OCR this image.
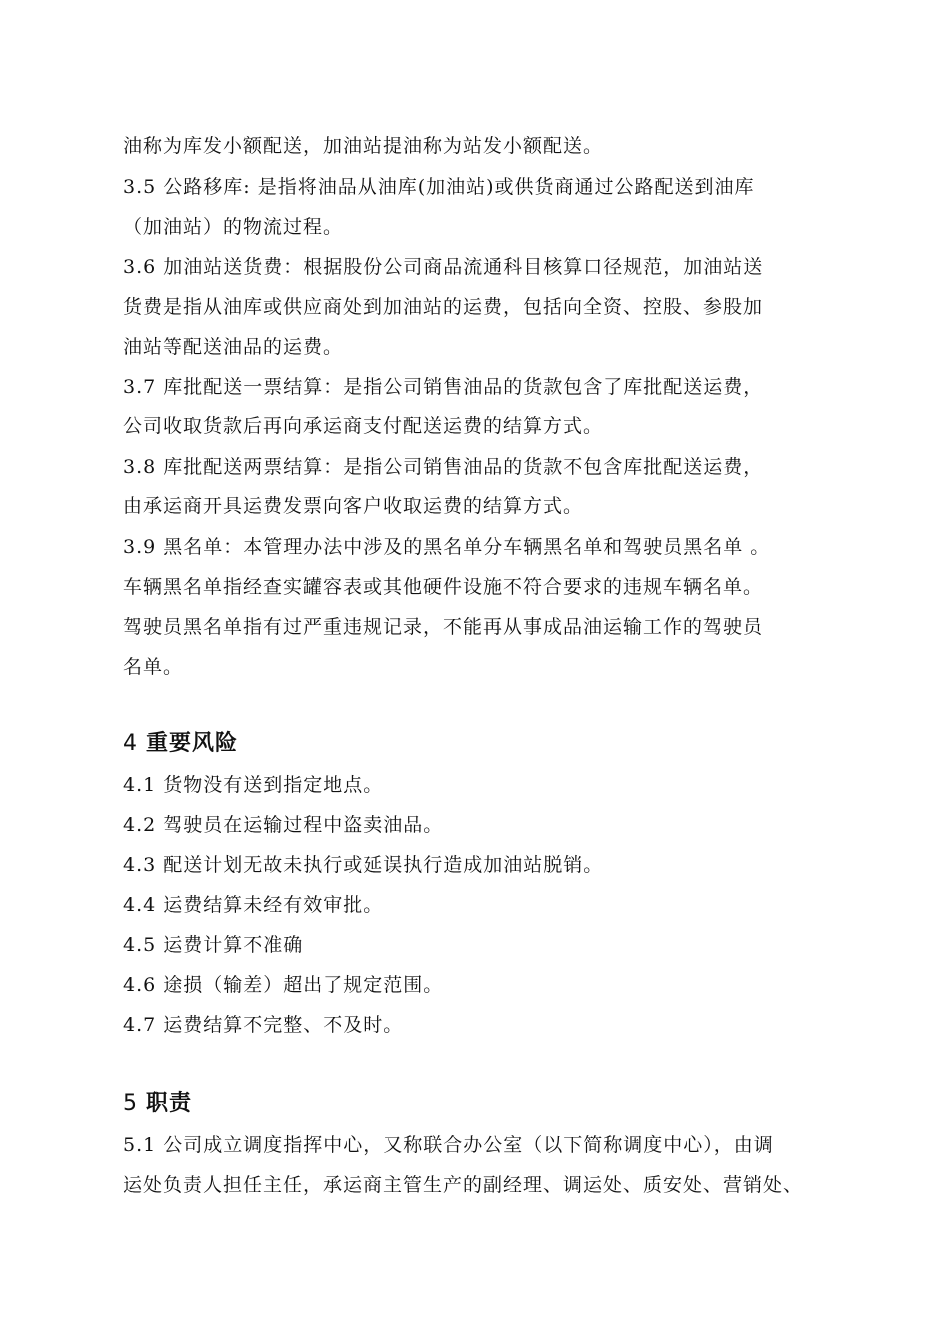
油称为库发小额配送，加油站提油称为站发小额配送。
3.5 公路移库: 是指将油品从油库(加油站)或供货商通过公路配送到油库
（加油站）的物流过程。
3.6 加油站送货费：根据股份公司商品流通科目核算口径规范，加油站送
货费是指从油库或供应商处到加油站的运费，包括向全资、控股、参股加
油站等配送油品的运费。
3.7 库批配送一票结算：是指公司销售油品的货款包含了库批配送运费，
公司收取货款后再向承运商支付配送运费的结算方式。
3.8 库批配送两票结算：是指公司销售油品的货款不包含库批配送运费，
由承运商开具运费发票向客户收取运费的结算方式。
3.9 黑名单：本管理办法中涉及的黑名单分车辆黑名单和驾驶员黑名单 。
车辆黑名单指经查实罐容表或其他硬件设施不符合要求的违规车辆名单。
驾驶员黑名单指有过严重违规记录，不能再从事成品油运输工作的驾驶员
名单。
4 重要风险
4.1 货物没有送到指定地点。
4.2 驾驶员在运输过程中盗卖油品。
4.3 配送计划无故未执行或延误执行造成加油站脱销。
4.4 运费结算未经有效审批。
4.5 运费计算不准确
4.6 途损（输差）超出了规定范围。
4.7 运费结算不完整、不及时。
5 职责
5.1 公司成立调度指挥中心，又称联合办公室（以下简称调度中心），由调
运处负责人担任主任，承运商主管生产的副经理、调运处、质安处、营销处、
